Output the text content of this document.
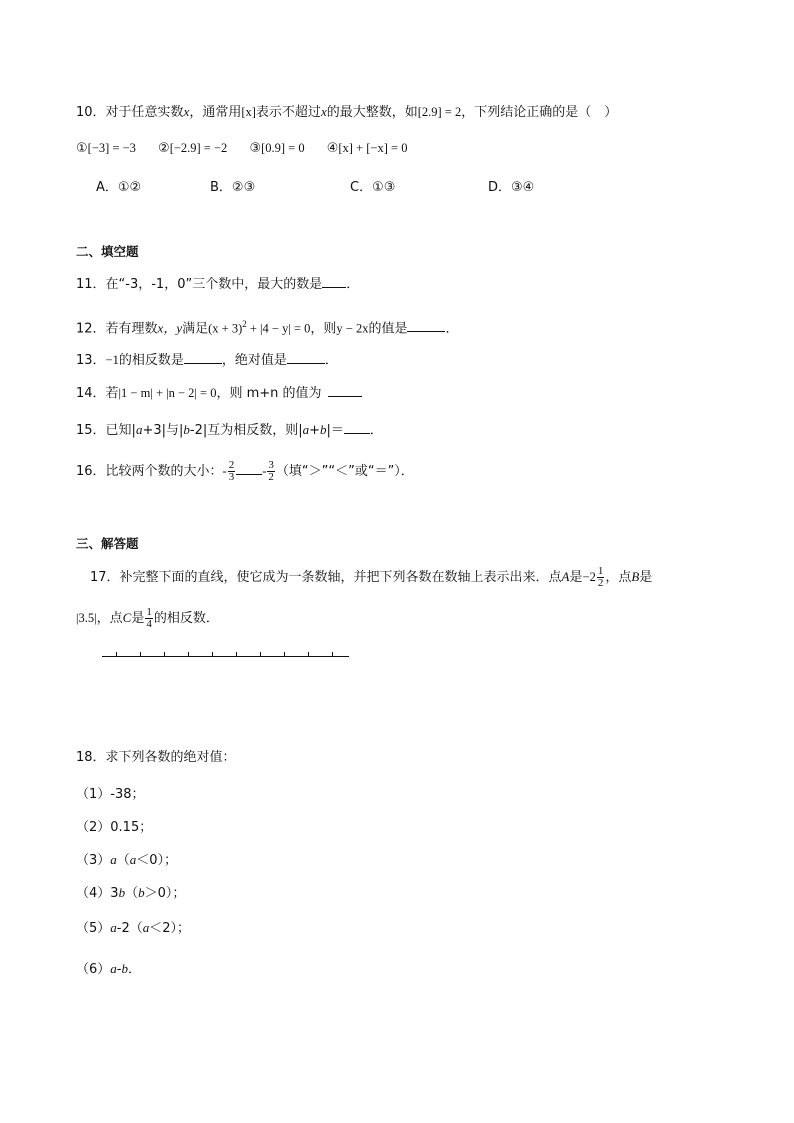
10．对于任意实数x，通常用[x]表示不超过x的最大整数，如[2.9] = 2，下列结论正确的是（　）
①[−3] = −3 ②[−2.9] = −2 ③[0.9] = 0 ④[x] + [−x] = 0
A．①②	B．②③	C．①③	D．③④
二、填空题
11．在“-3，-1，0”三个数中，最大的数是 ．
12．若有理数x，y满足$(x + 3)^2 + |4 - y| = 0$，则y − 2x的值是	．
13．−1的相反数是	，绝对值是	．
14．若|1 − m| + |n − 2| = 0，则 m+n 的值为
15．已知|a+3|与|b-2|互为相反数，则|a+b|＝ ．
16．比较两个数的大小：- $\frac{2}{3} - \frac{3}{2}$ （填“＞”“＜”或“＝”）．
三、解答题
17．补完整下面的直线，使它成为一条数轴，并把下列各数在数轴上表示出来．点A是$-2 \frac{1}{2}$ ，点B是
|3.5|，点C是 $\frac{1}{4}$ 的相反数．
18．求下列各数的绝对值：
（1）-38；
（2）0.15；
（3）a（a＜0）；
（4）3b（b＞0）；
（5）a-2（a＜2）；
（6）a-b．
